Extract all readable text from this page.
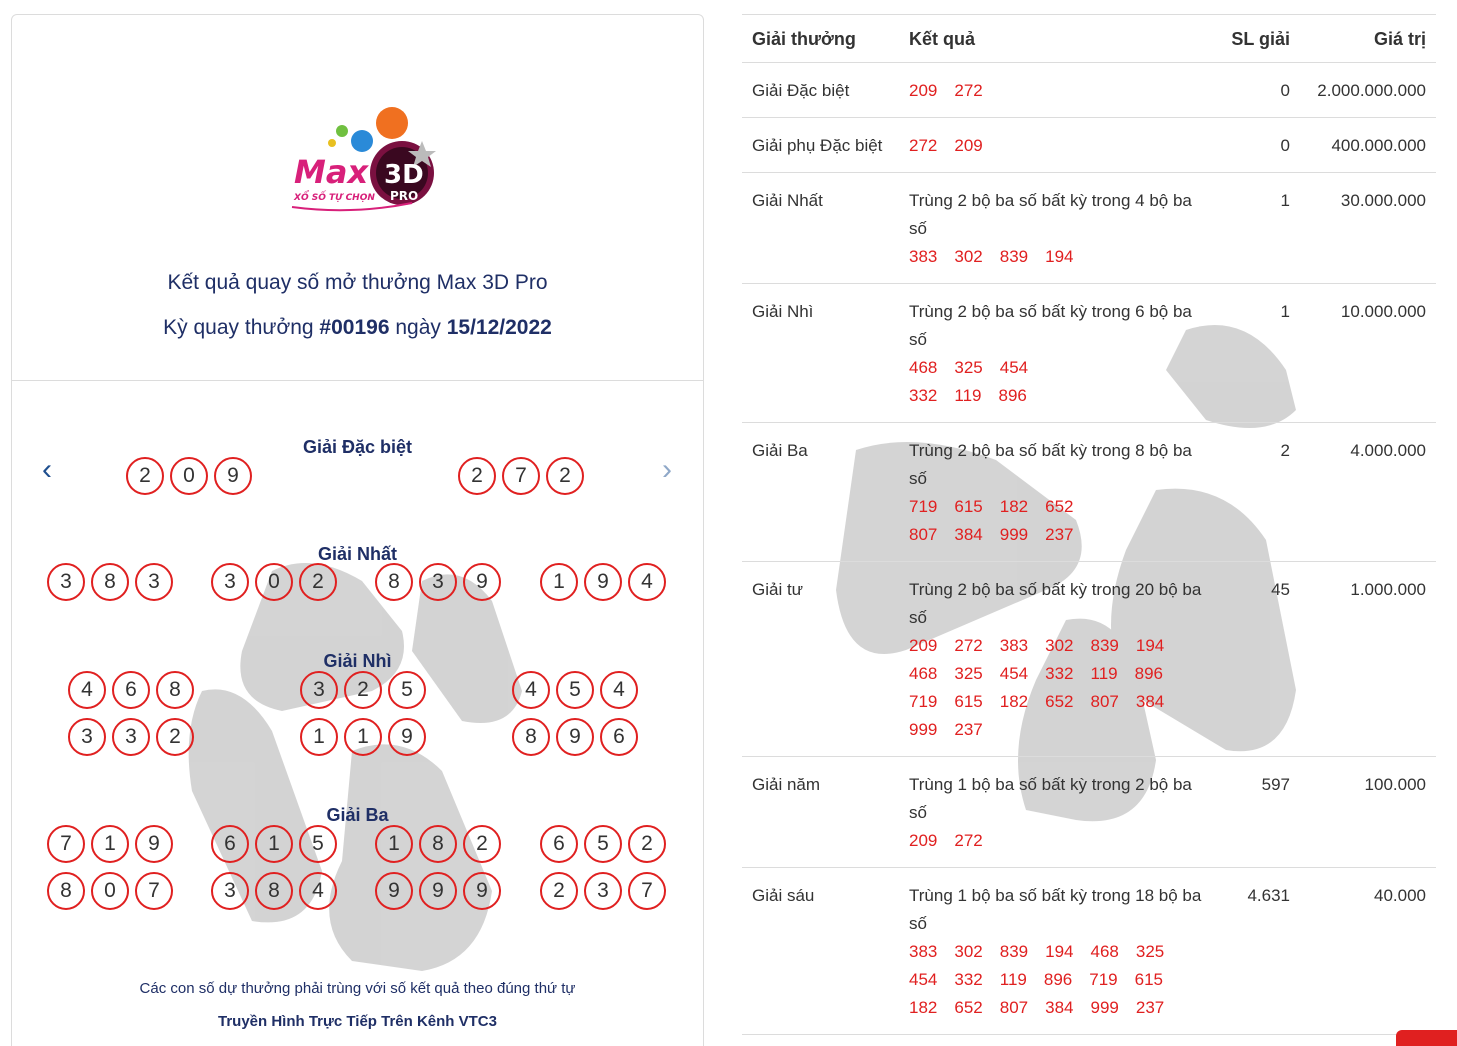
Max 3D
PRO
XỔ SỐ TỰ CHỌN
Kết quả quay số mở thưởng Max 3D Pro
Kỳ quay thưởng #00196 ngày 15/12/2022
‹	›
Giải Đặc biệt
2	0	9	2	7	2
Giải Nhất
3	8	3	3	0	2	8	3	9	1	9	4
Giải Nhì
4	6	8	3	2	5	4	5	4
3	3	2	1	1	9	8	9	6
Giải Ba
7	1	9	6	1	5	1	8	2	6	5	2
8	0	7	3	8	4	9	9	9	2	3	7
Các con số dự thưởng phải trùng với số kết quả theo đúng thứ tự
Truyền Hình Trực Tiếp Trên Kênh VTC3
Giải thưởng	Kết quả	SL giải	Giá trị
Giải Đặc biệt	209 272	0	2.000.000.000
Giải phụ Đặc biệt	272 209	0	400.000.000
Giải Nhất	Trùng 2 bộ ba số bất kỳ trong 4 bộ ba số
383 302 839 194	1	30.000.000
Giải Nhì	Trùng 2 bộ ba số bất kỳ trong 6 bộ ba số
468 325 454
332 119 896	1	10.000.000
Giải Ba	Trùng 2 bộ ba số bất kỳ trong 8 bộ ba số
719 615 182 652
807 384 999 237	2	4.000.000
Giải tư	Trùng 2 bộ ba số bất kỳ trong 20 bộ ba số
209 272 383 302 839 194
468 325 454 332 119 896
719 615 182 652 807 384
999 237	45	1.000.000
Giải năm	Trùng 1 bộ ba số bất kỳ trong 2 bộ ba số
209 272	597	100.000
Giải sáu	Trùng 1 bộ ba số bất kỳ trong 18 bộ ba số
383 302 839 194 468 325
454 332 119 896 719 615
182 652 807 384 999 237	4.631	40.000
